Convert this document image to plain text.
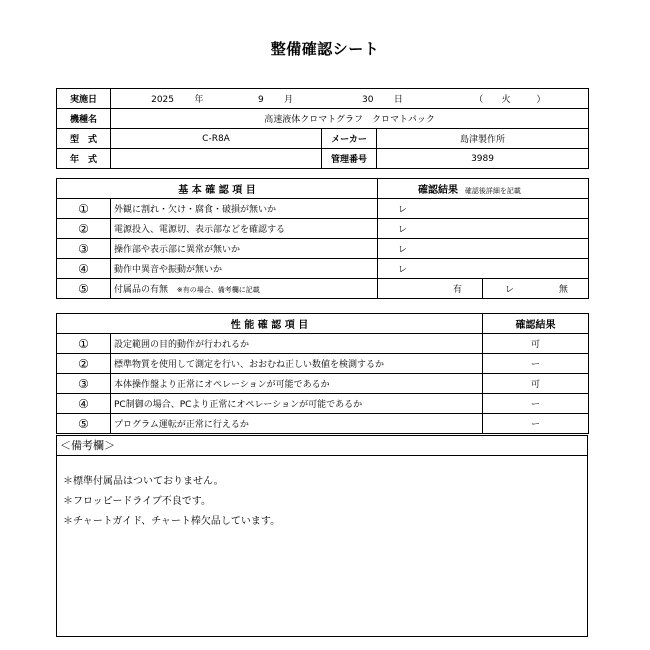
整備確認シート
実施日	2025 年 9 月 30 日 （ 火 ）		
機種名	高速液体クロマトグラフ　クロマトパック		
型　式	C-R8A	メーカー	島津製作所
年　式		管理番号	3989
基 本 確 認 項 目		確認結果 確認後詳細を記載	
①	外観に割れ・欠け・腐食・破損が無いか	レ	
②	電源投入、電源切、表示部などを確認する	レ	
③	操作部や表示部に異常が無いか	レ	
④	動作中異音や振動が無いか	レ	
⑤	付属品の有無 ※有の場合、備考欄に記載	有	レ 無
性 能 確 認 項 目		確認結果
①	設定範囲の目的動作が行われるか	可
②	標準物質を使用して測定を行い、おおむね正しい数値を検測するか	ー
③	本体操作盤より正常にオペレーションが可能であるか	可
④	PC制御の場合、PCより正常にオペレーションが可能であるか	ー
⑤	プログラム運転が正常に行えるか	ー
＜備考欄＞
＊標準付属品はついておりません。
＊フロッピードライブ不良です。
＊チャートガイド、チャート棒欠品しています。
